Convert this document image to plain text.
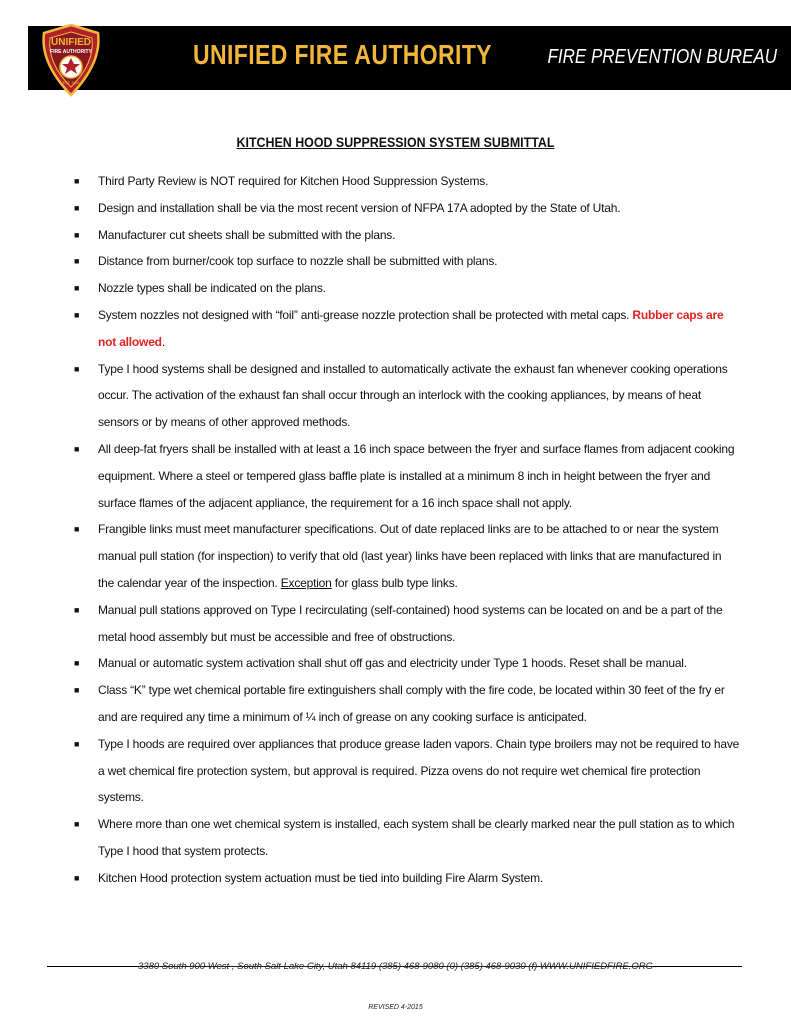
UNIFIED
FIRE AUTHORITY
EST. 2004
UNIFIED FIRE AUTHORITY	FIRE PREVENTION BUREAU
KITCHEN HOOD SUPPRESSION SYSTEM SUBMITTAL
■ Third Party Review is NOT required for Kitchen Hood Suppression Systems.
■ Design and installation shall be via the most recent version of NFPA 17A adopted by the State of Utah.
■ Manufacturer cut sheets shall be submitted with the plans.
■ Distance from burner/cook top surface to nozzle shall be submitted with plans.
■ Nozzle types shall be indicated on the plans.
■ System nozzles not designed with “foil” anti-grease nozzle protection shall be protected with metal caps. Rubber caps are not allowed.
■ Type I hood systems shall be designed and installed to automatically activate the exhaust fan whenever cooking operations occur. The activation of the exhaust fan shall occur through an interlock with the cooking appliances, by means of heat sensors or by means of other approved methods.
■ All deep-fat fryers shall be installed with at least a 16 inch space between the fryer and surface flames from adjacent cooking equipment. Where a steel or tempered glass baffle plate is installed at a minimum 8 inch in height between the fryer and surface flames of the adjacent appliance, the requirement for a 16 inch space shall not apply.
■ Frangible links must meet manufacturer specifications. Out of date replaced links are to be attached to or near the system manual pull station (for inspection) to verify that old (last year) links have been replaced with links that are manufactured in the calendar year of the inspection. Exception for glass bulb type links.
■ Manual pull stations approved on Type I recirculating (self-contained) hood systems can be located on and be a part of the metal hood assembly but must be accessible and free of obstructions.
■ Manual or automatic system activation shall shut off gas and electricity under Type 1 hoods. Reset shall be manual.
■ Class “K” type wet chemical portable fire extinguishers shall comply with the fire code, be located within 30 feet of the fry er and are required any time a minimum of ¼ inch of grease on any cooking surface is anticipated.
■ Type I hoods are required over appliances that produce grease laden vapors. Chain type broilers may not be required to have a wet chemical fire protection system, but approval is required. Pizza ovens do not require wet chemical fire protection systems.
■ Where more than one wet chemical system is installed, each system shall be clearly marked near the pull station as to which Type I hood that system protects.
■ Kitchen Hood protection system actuation must be tied into building Fire Alarm System.
3380 South 900 West , South Salt Lake City, Utah 84119 (385) 468-9080 (0) (385) 468-9030 (f) WWW.UNIFIEDFIRE.ORG
REVISED 4-2015
